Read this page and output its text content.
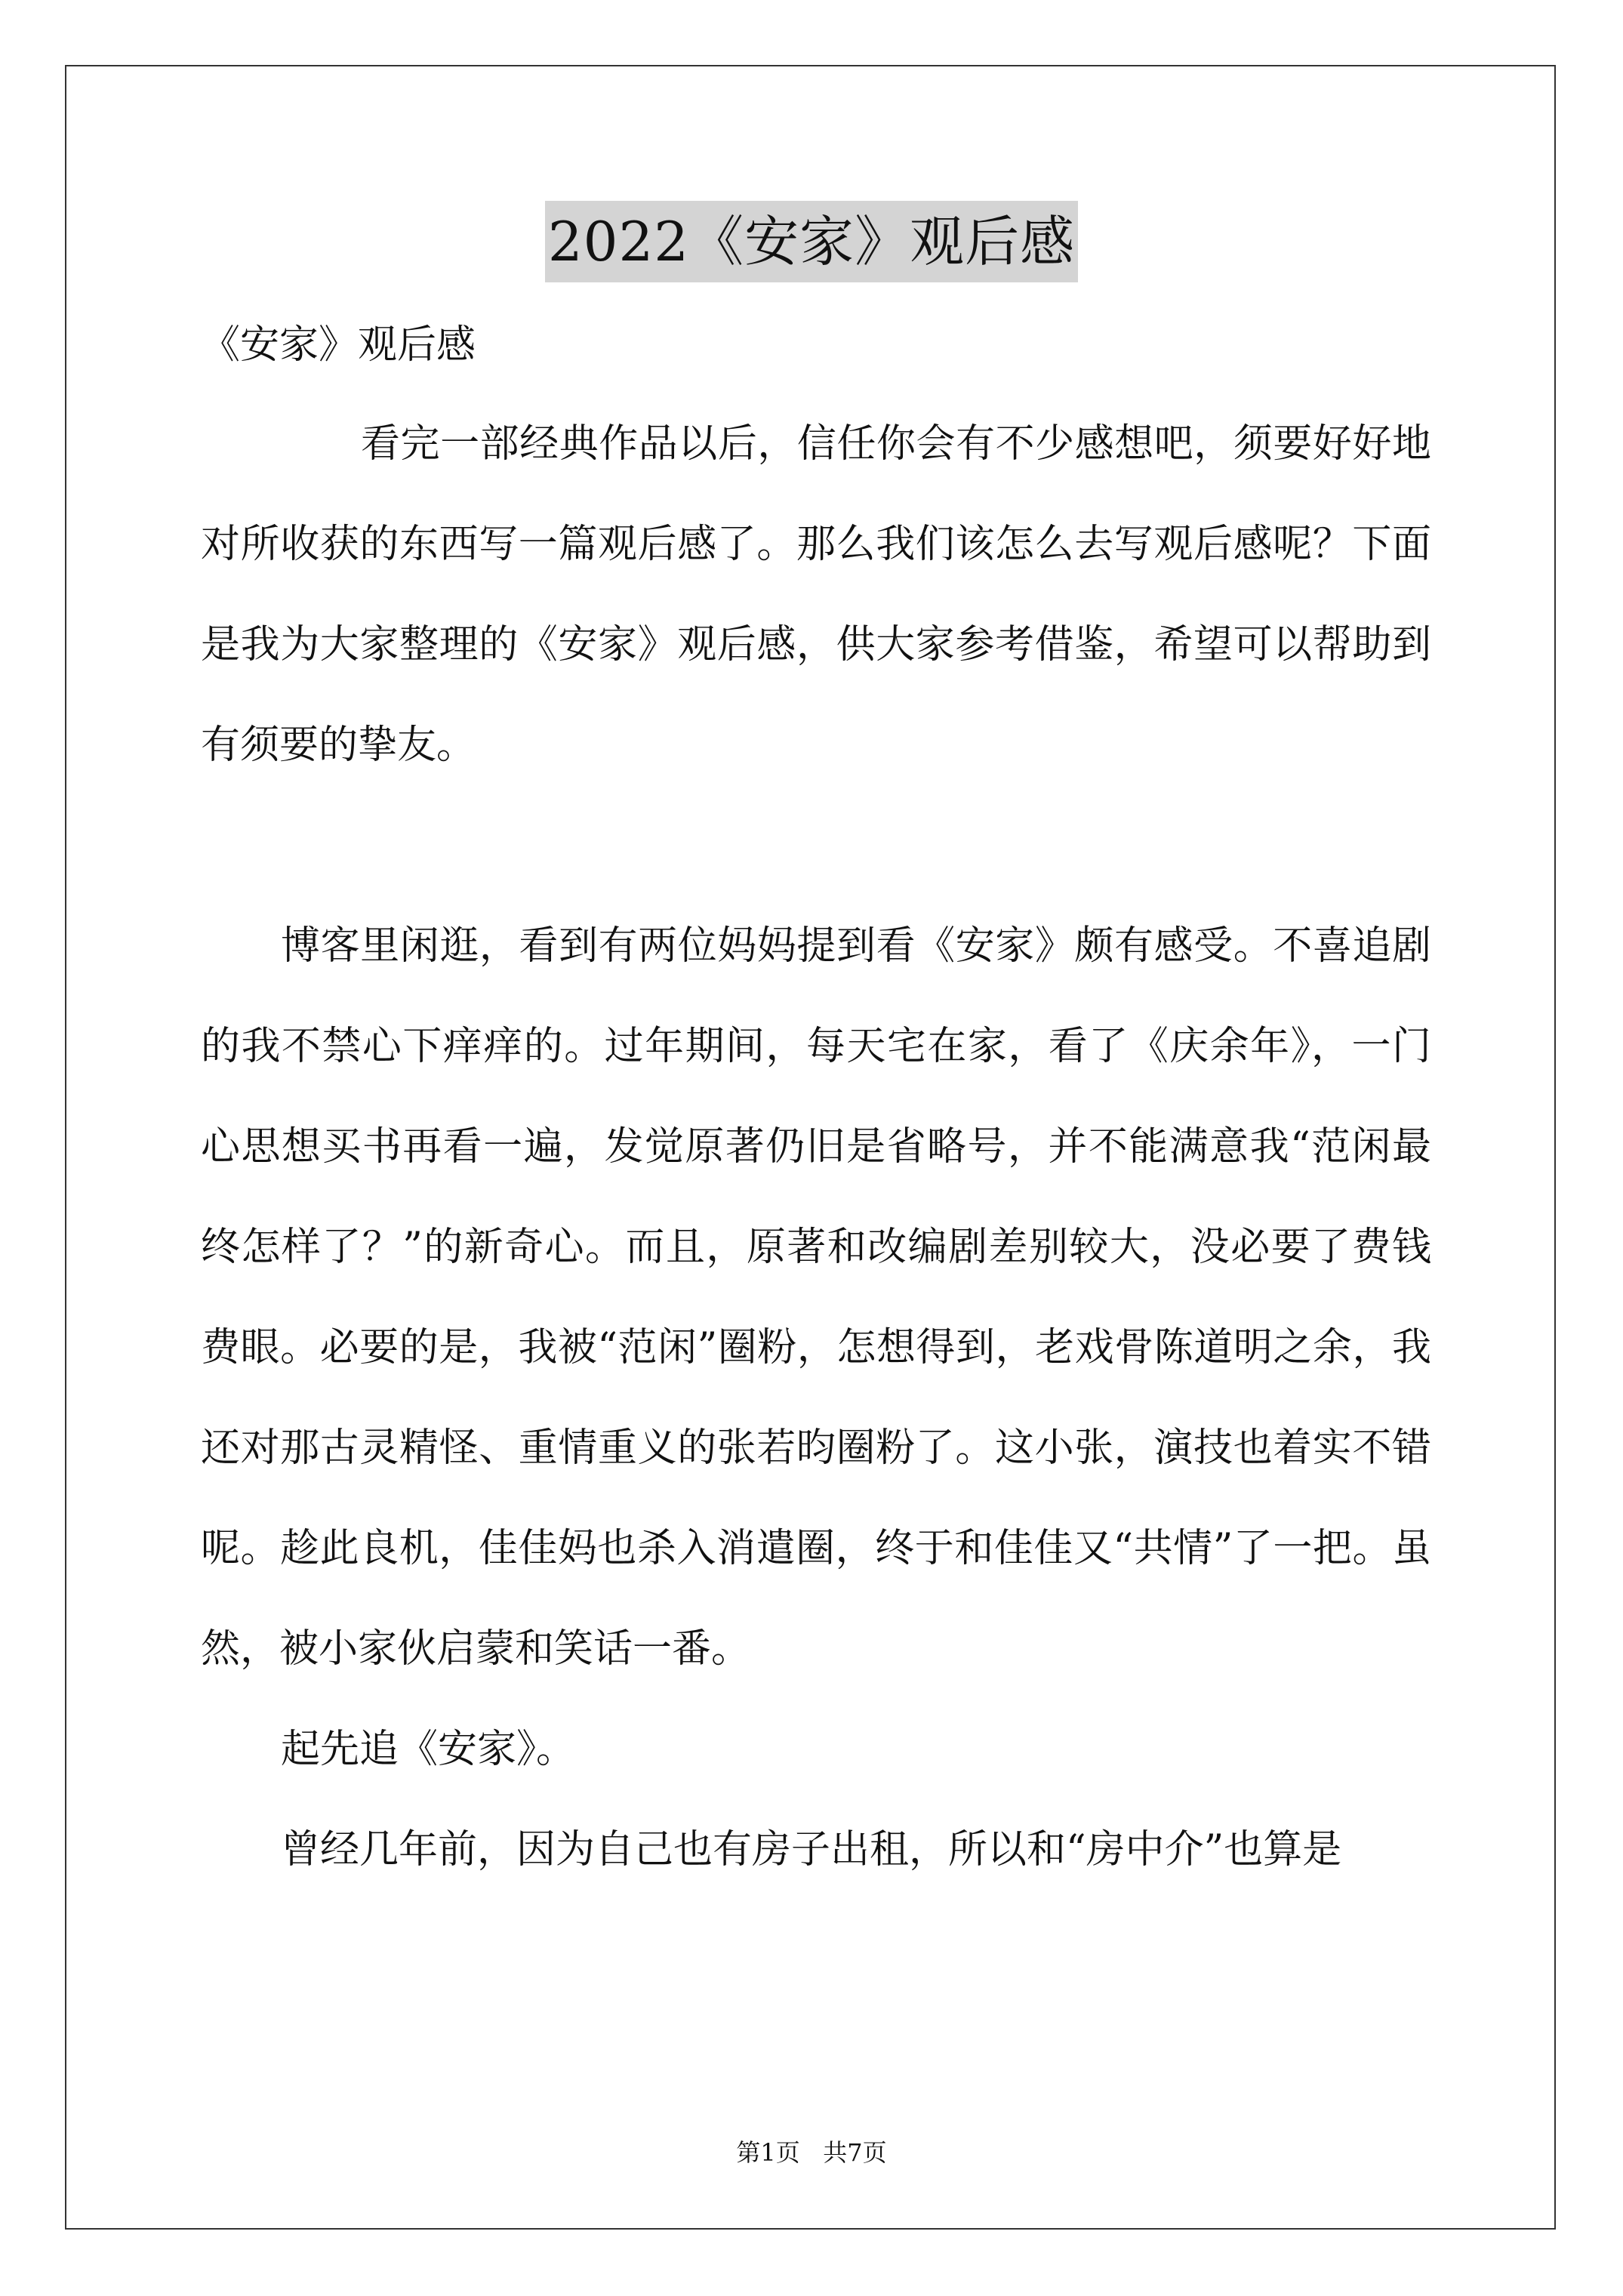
2022《安家》观后感

《安家》观后感

看完一部经典作品以后，信任你会有不少感想吧，须要好好地对所收获的东西写一篇观后感了。那么我们该怎么去写观后感呢？下面是我为大家整理的《安家》观后感，供大家参考借鉴，希望可以帮助到有须要的挚友。

博客里闲逛，看到有两位妈妈提到看《安家》颇有感受。不喜追剧的我不禁心下痒痒的。过年期间，每天宅在家，看了《庆余年》，一门心思想买书再看一遍，发觉原著仍旧是省略号，并不能满意我“范闲最终怎样了？”的新奇心。而且，原著和改编剧差别较大，没必要了费钱费眼。必要的是，我被“范闲”圈粉，怎想得到，老戏骨陈道明之余，我还对那古灵精怪、重情重义的张若昀圈粉了。这小张，演技也着实不错呢。趁此良机，佳佳妈也杀入消遣圈，终于和佳佳又“共情”了一把。虽然，被小家伙启蒙和笑话一番。

起先追《安家》。

曾经几年前，因为自己也有房子出租，所以和“房中介”也算是

第1页 共7页
